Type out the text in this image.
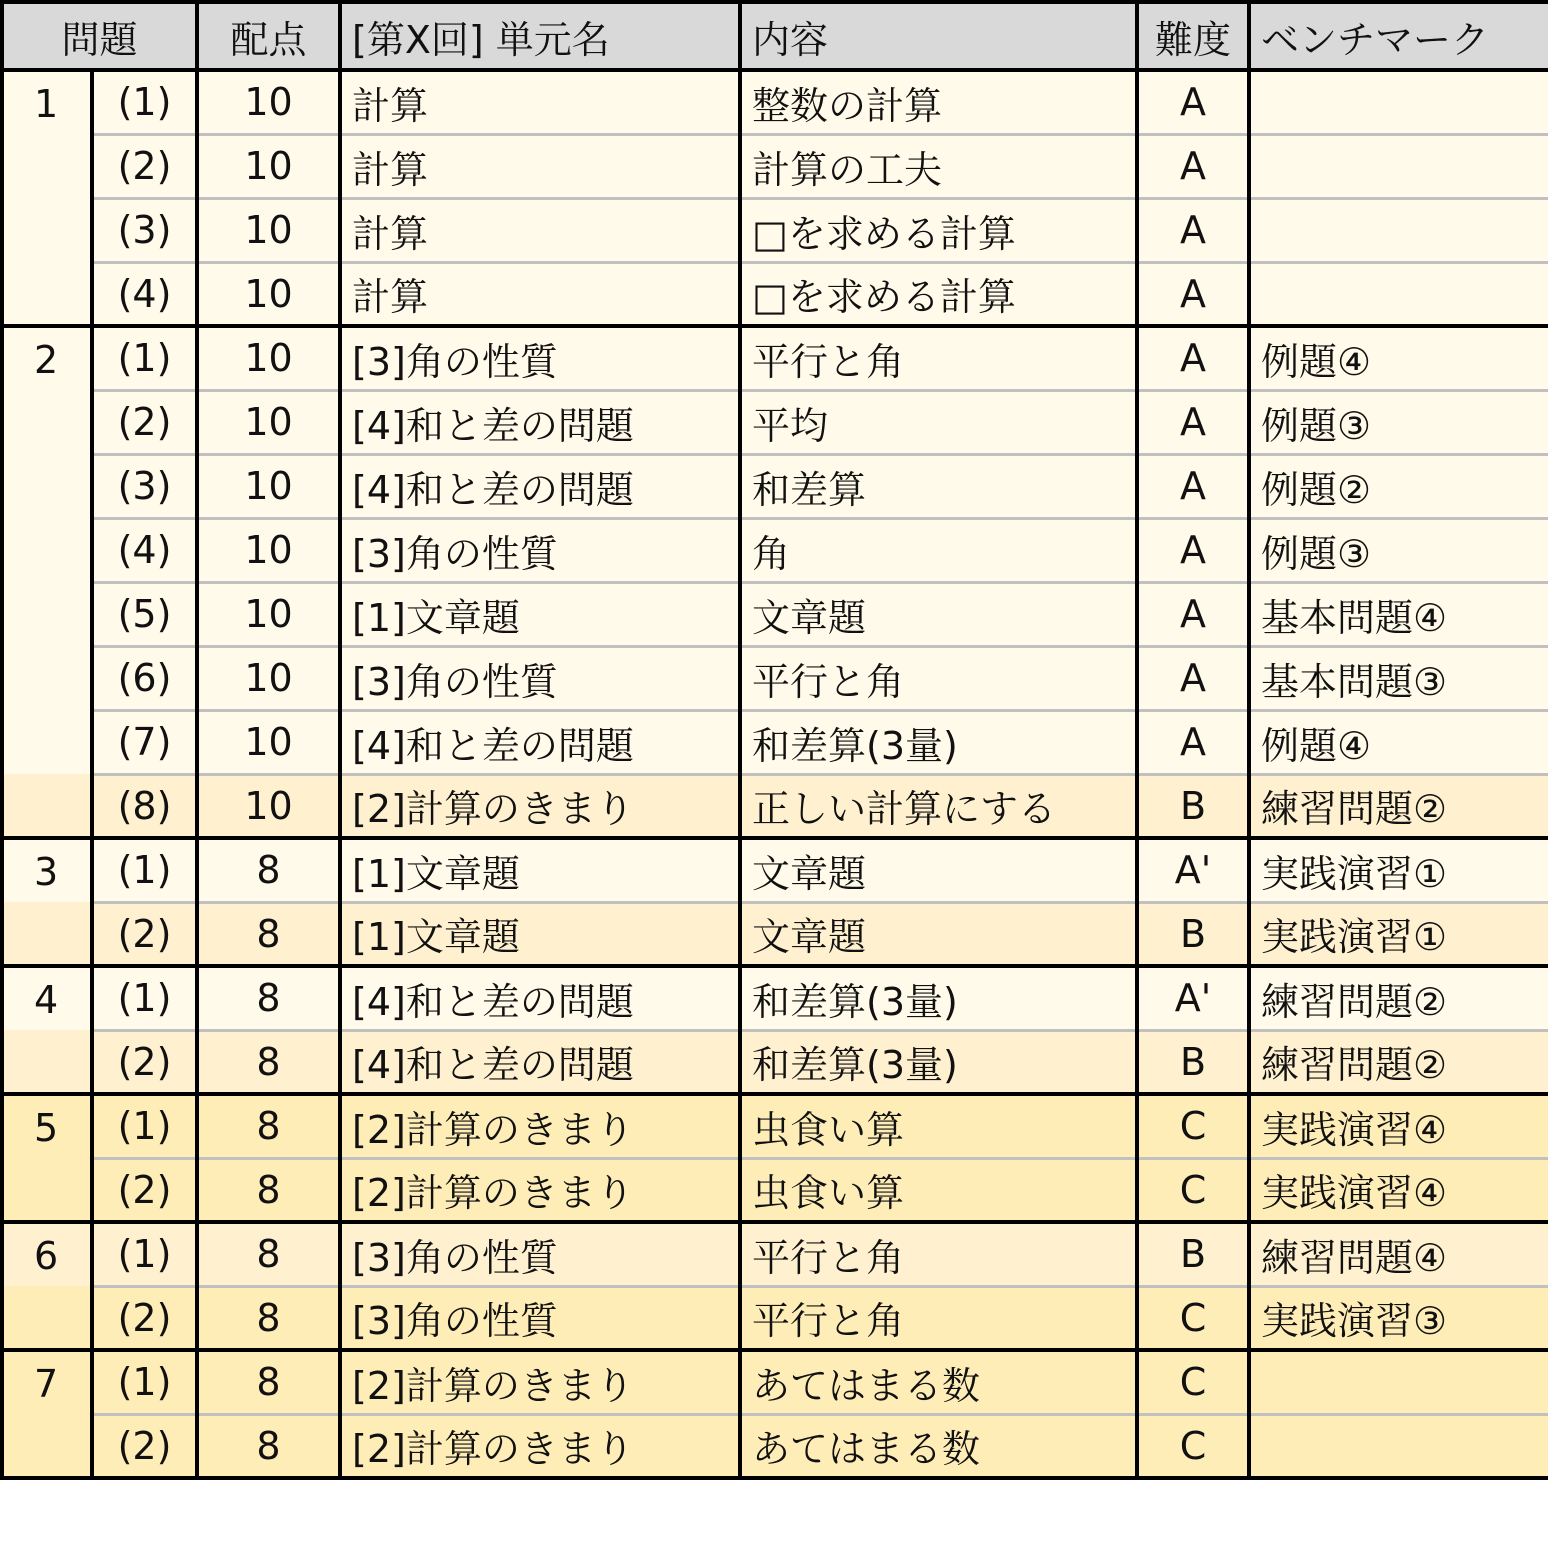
問題		配点	[第X回] 単元名	内容	難度	ベンチマーク
1	(1)	10	計算	整数の計算	A	
	(2)	10	計算	計算の工夫	A	
	(3)	10	計算	□を求める計算	A	
	(4)	10	計算	□を求める計算	A	
2	(1)	10	[3]角の性質	平行と角	A	例題④
	(2)	10	[4]和と差の問題	平均	A	例題③
	(3)	10	[4]和と差の問題	和差算	A	例題②
	(4)	10	[3]角の性質	角	A	例題③
	(5)	10	[1]文章題	文章題	A	基本問題④
	(6)	10	[3]角の性質	平行と角	A	基本問題③
	(7)	10	[4]和と差の問題	和差算(3量)	A	例題④
	(8)	10	[2]計算のきまり	正しい計算にする	B	練習問題②
3	(1)	8	[1]文章題	文章題	A'	実践演習①
	(2)	8	[1]文章題	文章題	B	実践演習①
4	(1)	8	[4]和と差の問題	和差算(3量)	A'	練習問題②
	(2)	8	[4]和と差の問題	和差算(3量)	B	練習問題②
5	(1)	8	[2]計算のきまり	虫食い算	C	実践演習④
	(2)	8	[2]計算のきまり	虫食い算	C	実践演習④
6	(1)	8	[3]角の性質	平行と角	B	練習問題④
	(2)	8	[3]角の性質	平行と角	C	実践演習③
7	(1)	8	[2]計算のきまり	あてはまる数	C	
	(2)	8	[2]計算のきまり	あてはまる数	C	
